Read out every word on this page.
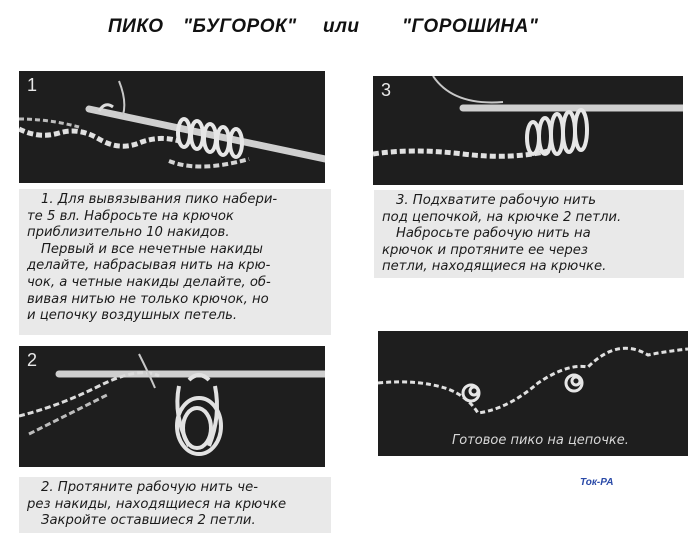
ПИКО "БУГОРОК" или "ГОРОШИНА"
1

1. Для вывязывания пико набери-

те 5 вл. Набросьте на крючок

приблизительно 10 накидов.

Первый и все нечетные накиды

делайте, набрасывая нить на крю-

чок, а четные накиды делайте, об-

вивая нитью не только крючок, но

и цепочку воздушных петель.

2

2. Протяните рабочую нить че-

рез накиды, находящиеся на крючке

Закройте оставшиеся 2 петли.

3

3. Подхватите рабочую нить

под цепочкой, на крючке 2 петли.

Набросьте рабочую нить на

крючок и протяните ее через

петли, находящиеся на крючке.

Готовое пико на цепочке.
Ток-РА
